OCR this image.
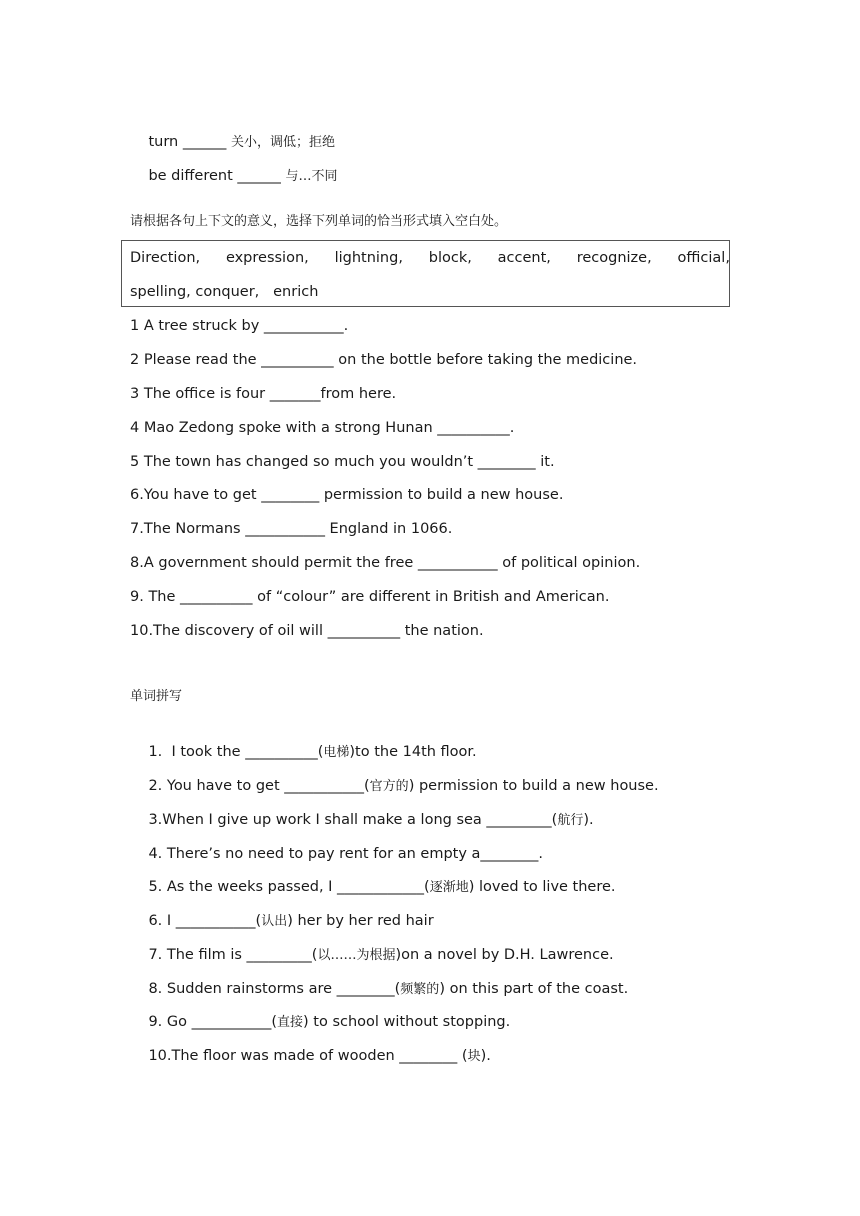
turn ______ 关小，调低；拒绝

be different ______ 与…不同

请根据各句上下文的意义，选择下列单词的恰当形式填入空白处。
Direction, expression, lightning, block, accent, recognize, official,
spelling, conquer,   enrich
1 A tree struck by ___________.
2 Please read the __________ on the bottle before taking the medicine.
3 The office is four _______from here.
4 Mao Zedong spoke with a strong Hunan __________.
5 The town has changed so much you wouldn’t ________ it.
6.You have to get ________ permission to build a new house.
7.The Normans ___________ England in 1066.
8.A government should permit the free ___________ of political opinion.
9. The __________ of “colour” are different in British and American.
10.The discovery of oil will __________ the nation.
单词拼写

1.  I took the __________(电梯)to the 14th floor.

2. You have to get ___________(官方的) permission to build a new house.

3.When I give up work I shall make a long sea _________(航行).

4. There’s no need to pay rent for an empty a________.

5. As the weeks passed, I ____________(逐渐地) loved to live there.

6. I ___________(认出) her by her red hair

7. The film is _________(以……为根据)on a novel by D.H. Lawrence.

8. Sudden rainstorms are ________(频繁的) on this part of the coast.

9. Go ___________(直接) to school without stopping.

10.The floor was made of wooden ________ (块).
